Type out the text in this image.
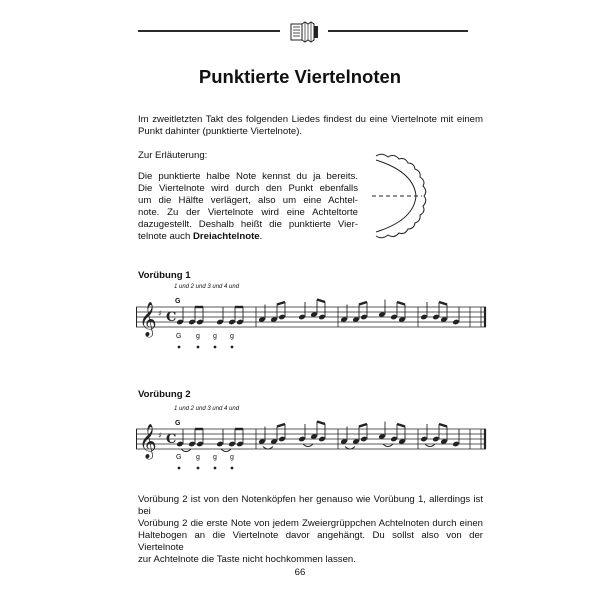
Punktierte Viertelnoten
Im zweitletzten Takt des folgenden Liedes findest du eine Viertelnote mit einem
Punkt dahinter (punktierte Viertelnote).
Zur Erläuterung:
Die punktierte halbe Note kennst du ja bereits.
Die Viertelnote wird durch den Punkt ebenfalls
um die Hälfte verlägert, also um eine Achtel-
note. Zu der Viertelnote wird eine Achteltorte
dazugestellt. Deshalb heißt die punktierte Vier-
telnote auch Dreiachtelnote.
Vorübung 1
1 und 2 und 3 und 4 und
G
𝄞 ♯ C
G g g g
Vorübung 2
1 und 2 und 3 und 4 und
G
𝄞 ♯ C
G g g g
Vorübung 2 ist von den Notenköpfen her genauso wie Vorübung 1, allerdings ist bei
Vorübung 2 die erste Note von jedem Zweiergrüppchen Achtelnoten durch einen
Haltebogen an die Viertelnote davor angehängt. Du sollst also von der Viertelnote
zur Achtelnote die Taste nicht hochkommen lassen.
66
